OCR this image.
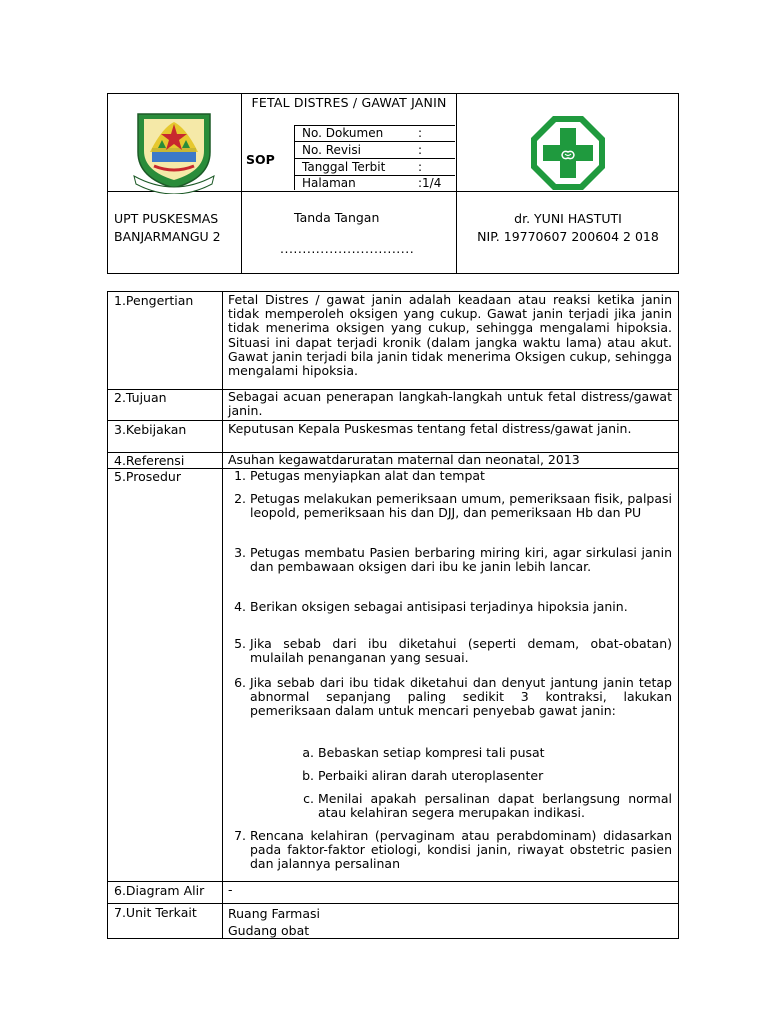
FETAL DISTRES / GAWAT JANIN
SOP
No. Dokumen	:
No. Revisi	:
Tanggal Terbit	:
Halaman	:1/4
UPT PUSKESMAS
BANJARMANGU 2
Tanda Tangan
..............................
dr. YUNI HASTUTI
NIP. 19770607 200604 2 018
1.Pengertian	Fetal Distres / gawat janin adalah keadaan atau reaksi ketika janin tidak memperoleh oksigen yang cukup. Gawat janin terjadi jika janin tidak menerima oksigen yang cukup, sehingga mengalami hipoksia. Situasi ini dapat terjadi kronik (dalam jangka waktu lama) atau akut. Gawat janin terjadi bila janin tidak menerima Oksigen cukup, sehingga mengalami hipoksia.
2.Tujuan	Sebagai acuan penerapan langkah-langkah untuk fetal distress/gawat janin.
3.Kebijakan	Keputusan Kepala Puskesmas tentang fetal distress/gawat janin.
4.Referensi	Asuhan kegawatdaruratan maternal dan neonatal, 2013
5.Prosedur	1. Petugas menyiapkan alat dan tempat
2. Petugas melakukan pemeriksaan umum, pemeriksaan fisik, palpasi leopold, pemeriksaan his dan DJJ, dan pemeriksaan Hb dan PU
3. Petugas membatu Pasien berbaring miring kiri, agar sirkulasi janin dan pembawaan oksigen dari ibu ke janin lebih lancar.
4. Berikan oksigen sebagai antisipasi terjadinya hipoksia janin.
5. Jika sebab dari ibu diketahui (seperti demam, obat-obatan) mulailah penanganan yang sesuai.
6. Jika sebab dari ibu tidak diketahui dan denyut jantung janin tetap abnormal sepanjang paling sedikit 3 kontraksi, lakukan pemeriksaan dalam untuk mencari penyebab gawat janin:
a. Bebaskan setiap kompresi tali pusat
b. Perbaiki aliran darah uteroplasenter
c. Menilai apakah persalinan dapat berlangsung normal atau kelahiran segera merupakan indikasi.
7. Rencana kelahiran (pervaginam atau perabdominam) didasarkan pada faktor-faktor etiologi, kondisi janin, riwayat obstetric pasien dan jalannya persalinan
6.Diagram Alir -
7.Unit Terkait	Ruang Farmasi
Gudang obat
